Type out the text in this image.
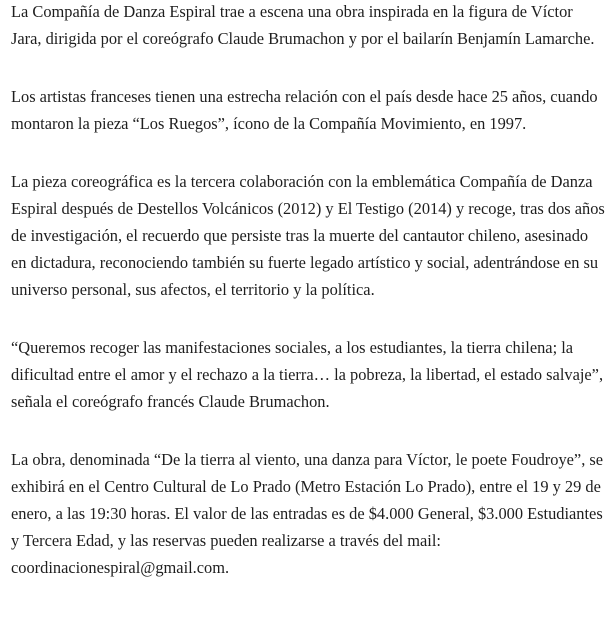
La Compañía de Danza Espiral trae a escena una obra inspirada en la figura de Víctor Jara, dirigida por el coreógrafo Claude Brumachon y por el bailarín Benjamín Lamarche.

Los artistas franceses tienen una estrecha relación con el país desde hace 25 años, cuando montaron la pieza “Los Ruegos”, ícono de la Compañía Movimiento, en 1997.

La pieza coreográfica es la tercera colaboración con la emblemática Compañía de Danza Espiral después de Destellos Volcánicos (2012) y El Testigo (2014) y recoge, tras dos años de investigación, el recuerdo que persiste tras la muerte del cantautor chileno, asesinado en dictadura, reconociendo también su fuerte legado artístico y social, adentrándose en su universo personal, sus afectos, el territorio y la política.

“Queremos recoger las manifestaciones sociales, a los estudiantes, la tierra chilena; la dificultad entre el amor y el rechazo a la tierra… la pobreza, la libertad, el estado salvaje”, señala el coreógrafo francés Claude Brumachon.

La obra, denominada “De la tierra al viento, una danza para Víctor, le poete Foudroye”, se exhibirá en el Centro Cultural de Lo Prado (Metro Estación Lo Prado), entre el 19 y 29 de enero, a las 19:30 horas. El valor de las entradas es de $4.000 General, $3.000 Estudiantes y Tercera Edad, y las reservas pueden realizarse a través del mail: coordinacionespiral@gmail.com.
